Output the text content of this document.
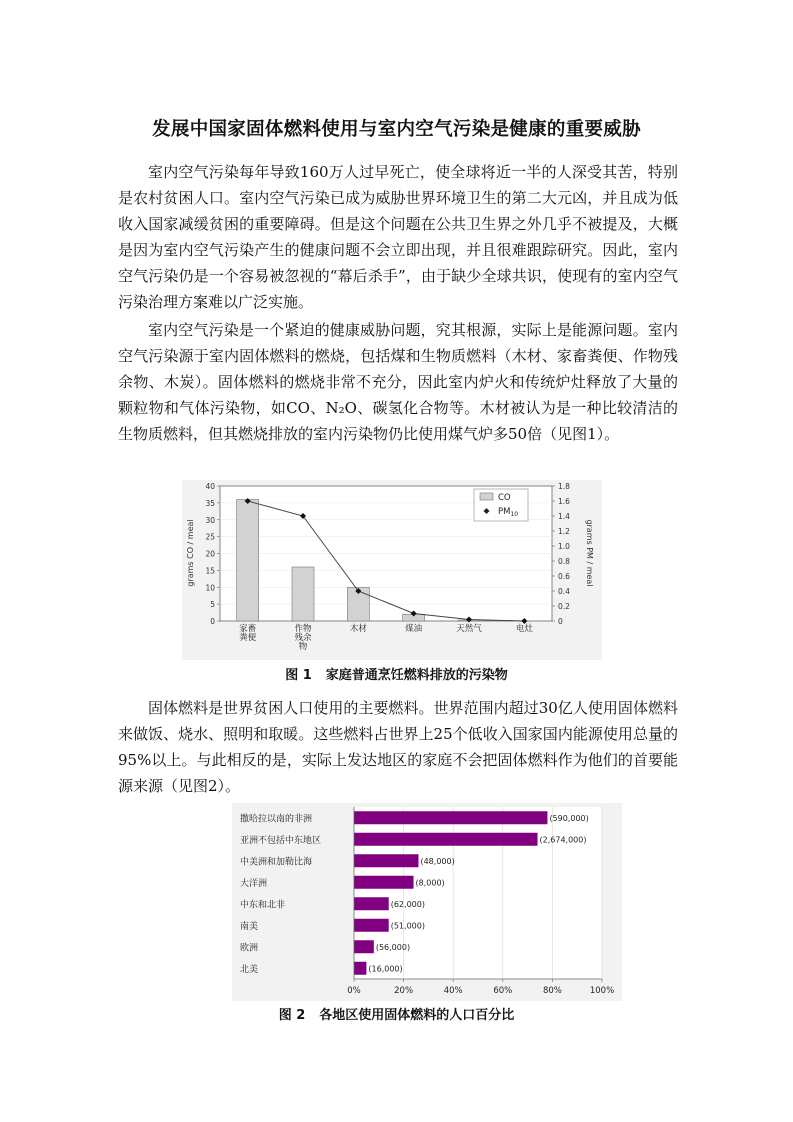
发展中国家固体燃料使用与室内空气污染是健康的重要威胁

室内空气污染每年导致160万人过早死亡，使全球将近一半的人深受其苦，特别是农村贫困人口。室内空气污染已成为威胁世界环境卫生的第二大元凶，并且成为低收入国家减缓贫困的重要障碍。但是这个问题在公共卫生界之外几乎不被提及，大概是因为室内空气污染产生的健康问题不会立即出现，并且很难跟踪研究。因此，室内空气污染仍是一个容易被忽视的“幕后杀手”，由于缺少全球共识，使现有的室内空气污染治理方案难以广泛实施。

室内空气污染是一个紧迫的健康威胁问题，究其根源，实际上是能源问题。室内空气污染源于室内固体燃料的燃烧，包括煤和生物质燃料（木材、家畜粪便、作物残余物、木炭）。固体燃料的燃烧非常不充分，因此室内炉火和传统炉灶释放了大量的颗粒物和气体污染物，如CO、N₂O、碳氢化合物等。木材被认为是一种比较清洁的生物质燃料，但其燃烧排放的室内污染物仍比使用煤气炉多50倍（见图1）。

0
5
10
15
20
25
30
35
40
0
0.2
0.4
0.6
0.8
1.0
1.2
1.4
1.6
1.8
家畜粪便
作物残余物
木材	煤油	天然气	电灶
grams CO / meal	grams PM / meal
CO
$PM_{10}$
图 1 家庭普通烹饪燃料排放的污染物

固体燃料是世界贫困人口使用的主要燃料。世界范围内超过30亿人使用固体燃料来做饭、烧水、照明和取暖。这些燃料占世界上25个低收入国家国内能源使用总量的95%以上。与此相反的是，实际上发达地区的家庭不会把固体燃料作为他们的首要能源来源（见图2）。

(590,000)
(2,674,000)
(48,000)
(8,000)
(62,000)
(51,000)
(56,000)
(16,000)
撒哈拉以南的非洲
亚洲不包括中东地区
中美洲和加勒比海
大洋洲
中东和北非
南美
欧洲
北美
0%	20%	40%	60%	80%	100%
图 2 各地区使用固体燃料的人口百分比
